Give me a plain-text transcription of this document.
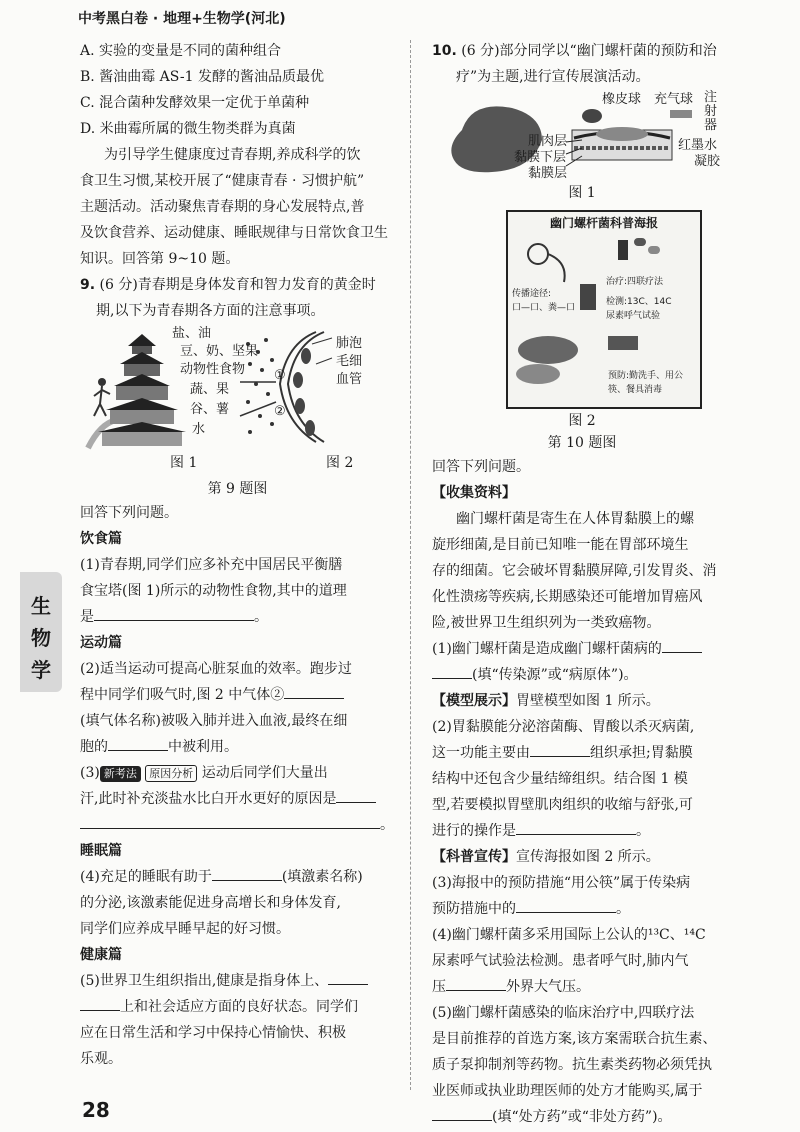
中考黑白卷 · 地理+生物学(河北)
生
物
学
A. 实验的变量是不同的菌种组合
B. 酱油曲霉 AS-1 发酵的酱油品质最优
C. 混合菌种发酵效果一定优于单菌种
D. 米曲霉所属的微生物类群为真菌
为引导学生健康度过青春期,养成科学的饮
食卫生习惯,某校开展了“健康青春 · 习惯护航”
主题活动。活动聚焦青春期的身心发展特点,普
及饮食营养、运动健康、睡眠规律与日常饮食卫生
知识。回答第 9~10 题。
9. (6 分)青春期是身体发育和智力发育的黄金时
期,以下为青春期各方面的注意事项。
盐、油
豆、奶、坚果
动物性食物
蔬、果
谷、薯
水
肺泡
毛细
血管
①
②
图 1	图 2
第 9 题图
回答下列问题。
饮食篇
(1)青春期,同学们应多补充中国居民平衡膳
食宝塔(图 1)所示的动物性食物,其中的道理
是	。
运动篇
(2)适当运动可提高心脏泵血的效率。跑步过
程中同学们吸气时,图 2 中气体②
(填气体名称)被吸入肺并进入血液,最终在细
胞的	中被利用。
(3) 新考法 原因分析 运动后同学们大量出
汗,此时补充淡盐水比白开水更好的原因是
。
睡眠篇
(4)充足的睡眠有助于	(填激素名称)
的分泌,该激素能促进身高增长和身体发育,
同学们应养成早睡早起的好习惯。
健康篇
(5)世界卫生组织指出,健康是指身体上、
上和社会适应方面的良好状态。同学们
应在日常生活和学习中保持心情愉快、积极
乐观。
10. (6 分)部分同学以“幽门螺杆菌的预防和治
疗”为主题,进行宣传展演活动。
橡皮球 充气球 注
射
器
肌肉层
黏膜下层
黏膜层
红墨水
凝胶
图 1
幽门螺杆菌科普海报
传播途径:
口—口、粪—口
治疗:四联疗法
检测:13C、14C
尿素呼气试验
预防:勤洗手、用公
筷、餐具消毒
图 2
第 10 题图
回答下列问题。
【收集资料】
幽门螺杆菌是寄生在人体胃黏膜上的螺
旋形细菌,是目前已知唯一能在胃部环境生
存的细菌。它会破坏胃黏膜屏障,引发胃炎、消
化性溃疡等疾病,长期感染还可能增加胃癌风
险,被世界卫生组织列为一类致癌物。
(1)幽门螺杆菌是造成幽门螺杆菌病的
(填“传染源”或“病原体”)。
【模型展示】胃壁模型如图 1 所示。
(2)胃黏膜能分泌溶菌酶、胃酸以杀灭病菌,
这一功能主要由	组织承担;胃黏膜
结构中还包含少量结缔组织。结合图 1 模
型,若要模拟胃壁肌肉组织的收缩与舒张,可
进行的操作是	。
【科普宣传】宣传海报如图 2 所示。
(3)海报中的预防措施“用公筷”属于传染病
预防措施中的	。
(4)幽门螺杆菌多采用国际上公认的¹³C、¹⁴C
尿素呼气试验法检测。患者呼气时,肺内气
压	外界大气压。
(5)幽门螺杆菌感染的临床治疗中,四联疗法
是目前推荐的首选方案,该方案需联合抗生素、
质子泵抑制剂等药物。抗生素类药物必须凭执
业医师或执业助理医师的处方才能购买,属于
(填“处方药”或“非处方药”)。
28
